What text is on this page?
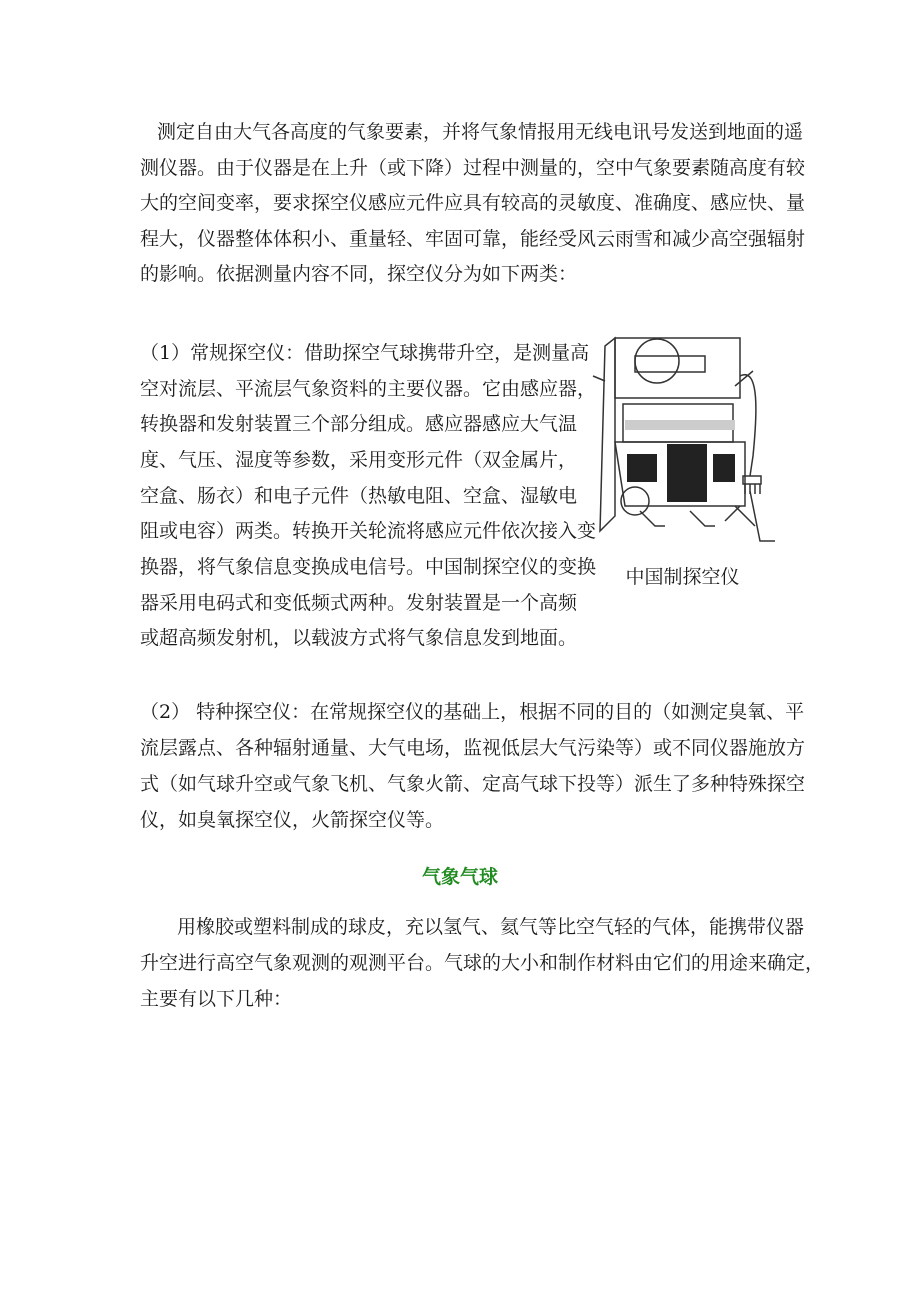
测定自由大气各高度的气象要素，并将气象情报用无线电讯号发送到地面的遥
测仪器。由于仪器是在上升（或下降）过程中测量的，空中气象要素随高度有较
大的空间变率，要求探空仪感应元件应具有较高的灵敏度、准确度、感应快、量
程大，仪器整体体积小、重量轻、牢固可靠，能经受风云雨雪和减少高空强辐射
的影响。依据测量内容不同，探空仪分为如下两类：
（1）常规探空仪：借助探空气球携带升空，是测量高
空对流层、平流层气象资料的主要仪器。它由感应器，
转换器和发射装置三个部分组成。感应器感应大气温
度、气压、湿度等参数，采用变形元件（双金属片，
空盒、肠衣）和电子元件（热敏电阻、空盒、湿敏电
阻或电容）两类。转换开关轮流将感应元件依次接入变
换器，将气象信息变换成电信号。中国制探空仪的变换
器采用电码式和变低频式两种。发射装置是一个高频
或超高频发射机，以载波方式将气象信息发到地面。
中国制探空仪
（2） 特种探空仪：在常规探空仪的基础上，根据不同的目的（如测定臭氧、平
流层露点、各种辐射通量、大气电场，监视低层大气污染等）或不同仪器施放方
式（如气球升空或气象飞机、气象火箭、定高气球下投等）派生了多种特殊探空
仪，如臭氧探空仪，火箭探空仪等。
气象气球
用橡胶或塑料制成的球皮，充以氢气、氦气等比空气轻的气体，能携带仪器
升空进行高空气象观测的观测平台。气球的大小和制作材料由它们的用途来确定，
主要有以下几种：
